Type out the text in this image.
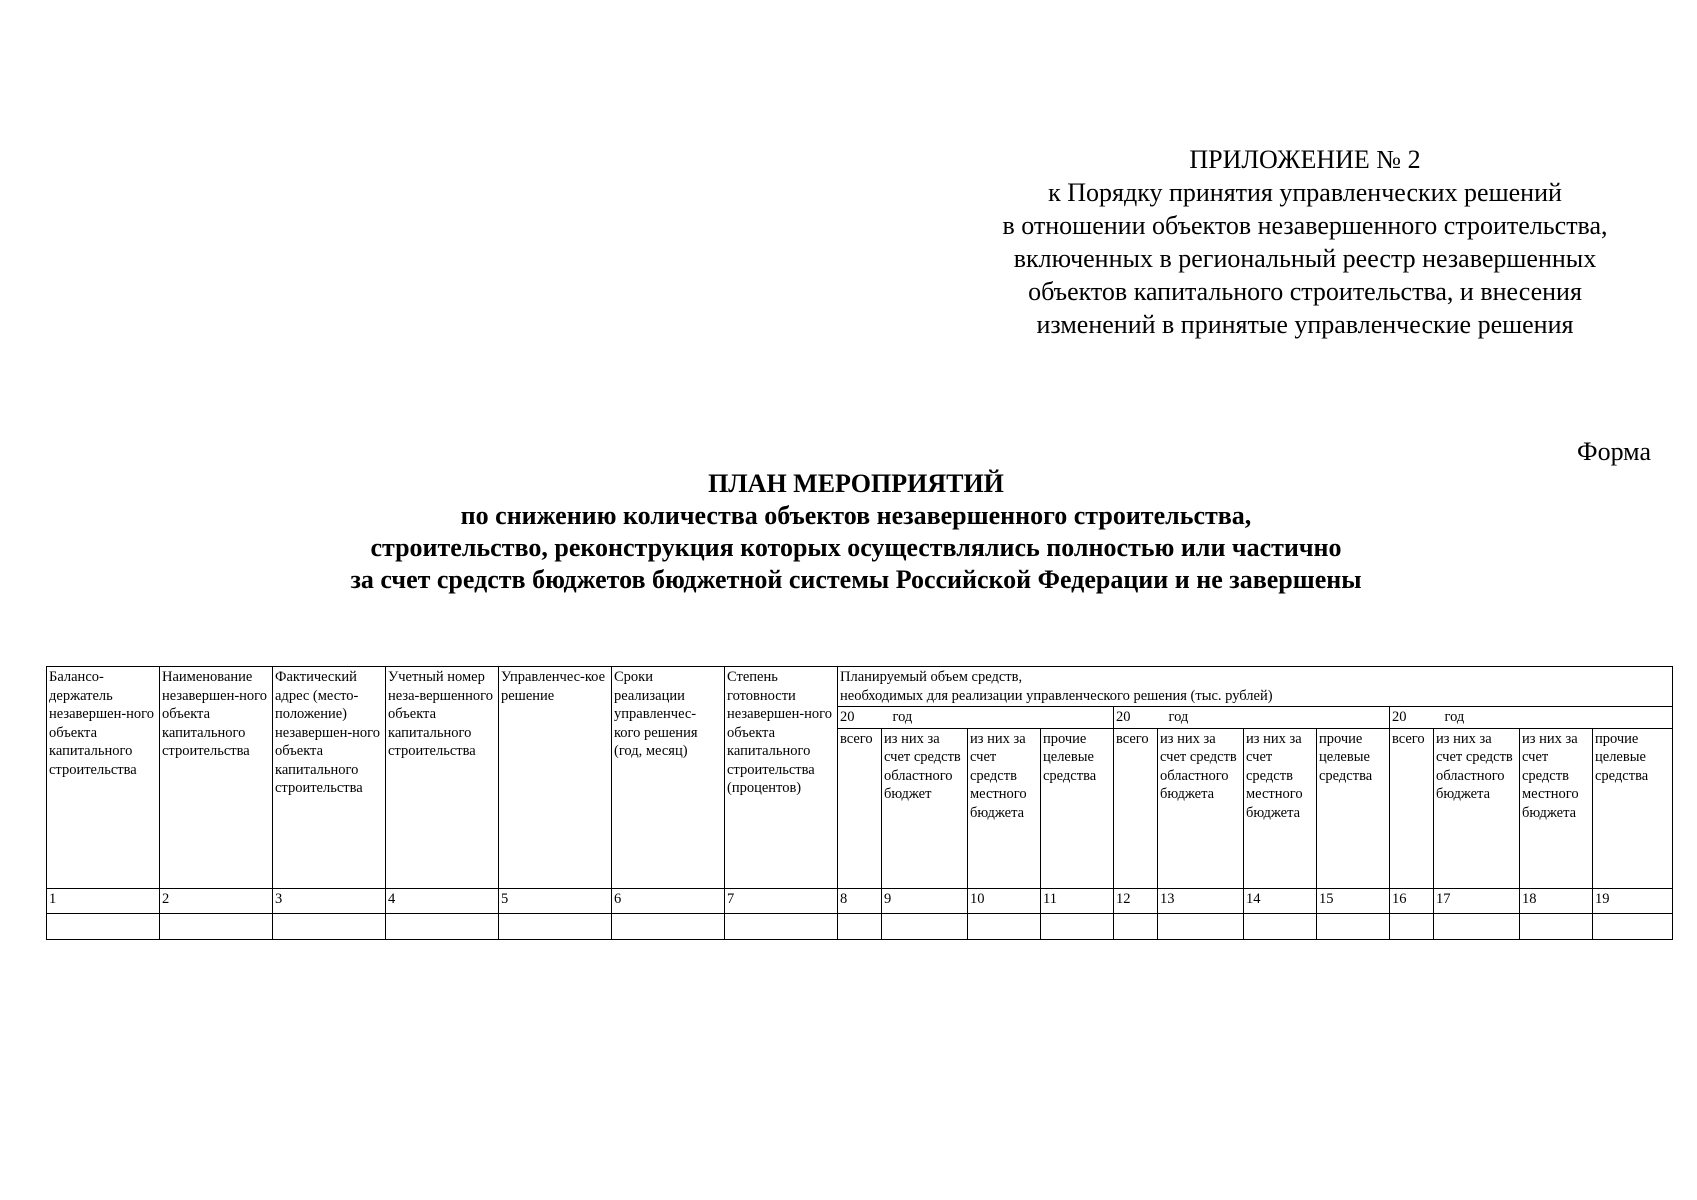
ПРИЛОЖЕНИЕ № 2
к Порядку принятия управленческих решений
в отношении объектов незавершенного строительства,
включенных в региональный реестр незавершенных
объектов капитального строительства, и внесения
изменений в принятые управленческие решения
Форма
ПЛАН МЕРОПРИЯТИЙ
по снижению количества объектов незавершенного строительства,
строительство, реконструкция которых осуществлялись полностью или частично
за счет средств бюджетов бюджетной системы Российской Федерации и не завершены
Балансо-держатель незавершен-ного объекта капитального строительства	Наименование незавершен-ного объекта капитального строительства	Фактический адрес (место-положение) незавершен-ного объекта капитального строительства	Учетный номер неза-вершенного объекта капитального строительства	Управленчес-кое решение	Сроки реализации управленчес-кого решения (год, месяц)	Степень готовности незавершен-ного объекта капитального строительства (процентов)	Планируемый объем средств,
необходимых для реализации управленческого решения (тыс. рублей)											

							20 год				20 год				20 год			
							всего	из них за счет средств областного бюджет	из них за счет средств местного бюджета	прочие целевые средства	всего	из них за счет средств областного бюджета	из них за счет средств местного бюджета	прочие целевые средства	всего	из них за счет средств областного бюджета	из них за счет средств местного бюджета	прочие целевые средства
1	2	3	4	5	6	7	8	9	10	11	12	13	14	15	16	17	18	19
